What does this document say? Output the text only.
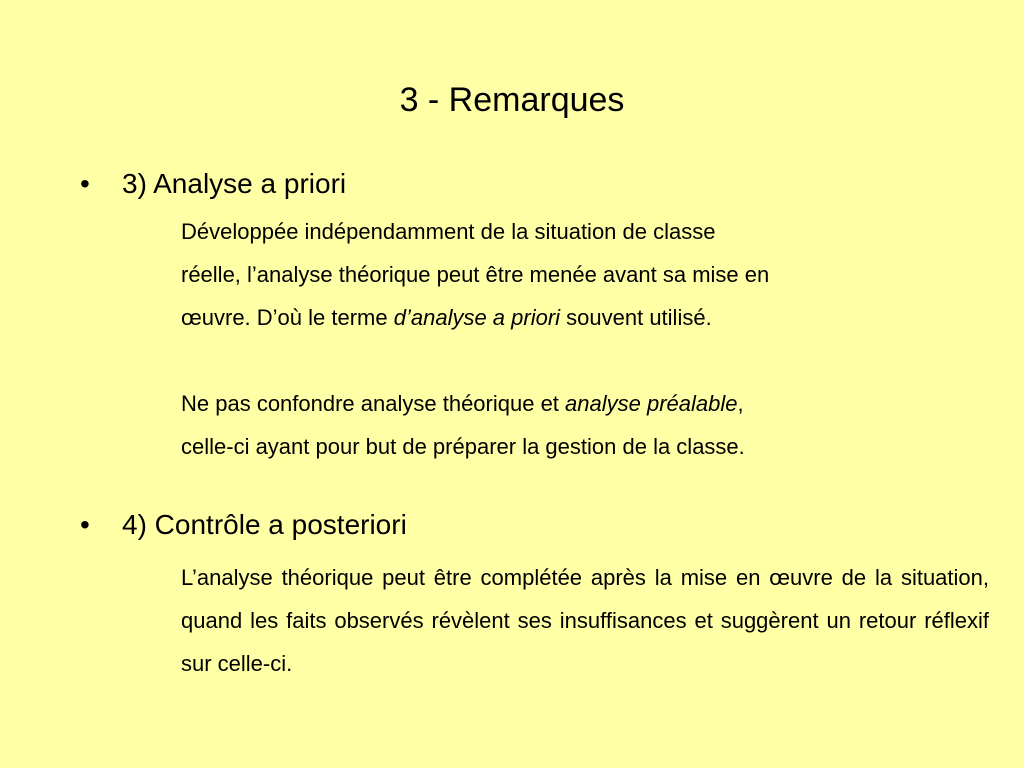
3 - Remarques
• 3) Analyse a priori
Développée indépendamment de la situation de classe
réelle, l’analyse théorique peut être menée avant sa mise en
œuvre. D’où le terme d’analyse a priori souvent utilisé.
Ne pas confondre analyse théorique et analyse préalable,
celle-ci ayant pour but de préparer la gestion de la classe.
• 4) Contrôle a posteriori

L’analyse théorique peut être complétée après la mise en œuvre de la situation, quand les faits observés révèlent ses insuffisances et suggèrent un retour réflexif sur celle-ci.
